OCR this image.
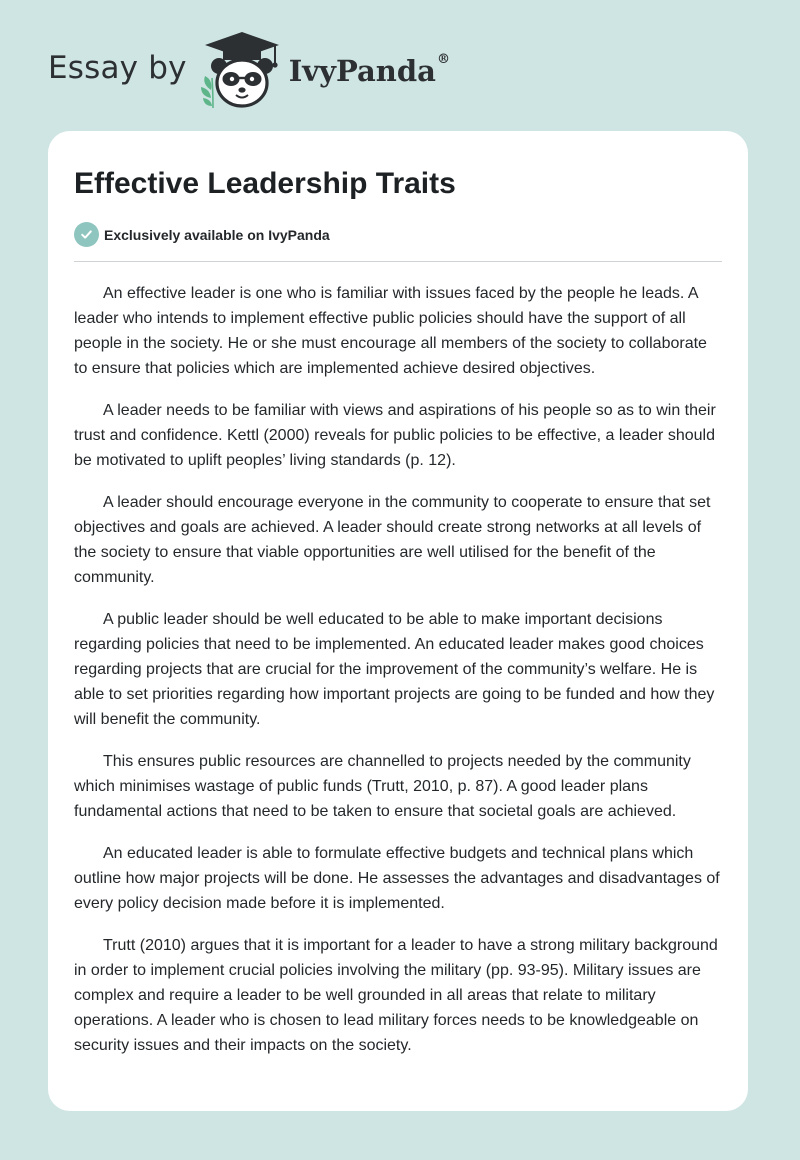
Essay by	IvyPanda®
Effective Leadership Traits
Exclusively available on IvyPanda

An effective leader is one who is familiar with issues faced by the people he leads. A leader who intends to implement effective public policies should have the support of all people in the society. He or she must encourage all members of the society to collaborate to ensure that policies which are implemented achieve desired objectives.

A leader needs to be familiar with views and aspirations of his people so as to win their trust and confidence. Kettl (2000) reveals for public policies to be effective, a leader should be motivated to uplift peoples’ living standards (p. 12).

A leader should encourage everyone in the community to cooperate to ensure that set objectives and goals are achieved. A leader should create strong networks at all levels of the society to ensure that viable opportunities are well utilised for the benefit of the community.

A public leader should be well educated to be able to make important decisions regarding policies that need to be implemented. An educated leader makes good choices regarding projects that are crucial for the improvement of the community’s welfare. He is able to set priorities regarding how important projects are going to be funded and how they will benefit the community.

This ensures public resources are channelled to projects needed by the community which minimises wastage of public funds (Trutt, 2010, p. 87). A good leader plans fundamental actions that need to be taken to ensure that societal goals are achieved.

An educated leader is able to formulate effective budgets and technical plans which outline how major projects will be done. He assesses the advantages and disadvantages of every policy decision made before it is implemented.

Trutt (2010) argues that it is important for a leader to have a strong military background in order to implement crucial policies involving the military (pp. 93-95). Military issues are complex and require a leader to be well grounded in all areas that relate to military operations. A leader who is chosen to lead military forces needs to be knowledgeable on security issues and their impacts on the society.
